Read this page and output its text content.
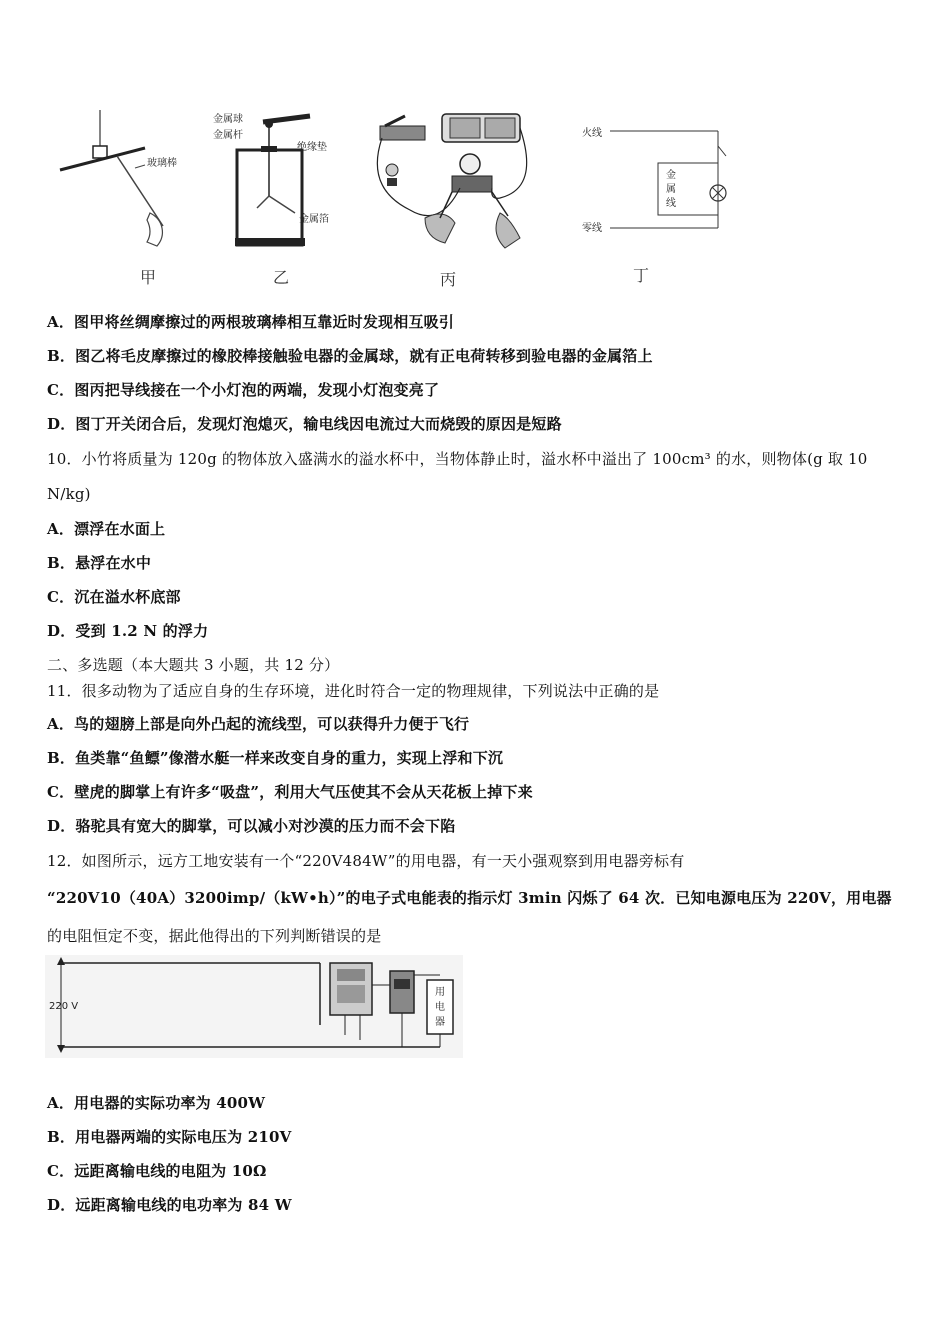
玻璃棒
甲
金属球
金属杆
绝缘垫
金属箔
乙	丙
火线
金
属
线
零线
丁
A．图甲将丝绸摩擦过的两根玻璃棒相互靠近时发现相互吸引
B．图乙将毛皮摩擦过的橡胶棒接触验电器的金属球，就有正电荷转移到验电器的金属箔上
C．图丙把导线接在一个小灯泡的两端，发现小灯泡变亮了
D．图丁开关闭合后，发现灯泡熄灭，输电线因电流过大而烧毁的原因是短路
10．小竹将质量为 120g 的物体放入盛满水的溢水杯中，当物体静止时，溢水杯中溢出了 100cm³ 的水，则物体(g 取 10
N/kg)
A．漂浮在水面上
B．悬浮在水中
C．沉在溢水杯底部
D．受到 1.2 N 的浮力
二、多选题（本大题共 3 小题，共 12 分）
11．很多动物为了适应自身的生存环境，进化时符合一定的物理规律，下列说法中正确的是
A．鸟的翅膀上部是向外凸起的流线型，可以获得升力便于飞行
B．鱼类靠“鱼鳔”像潜水艇一样来改变自身的重力，实现上浮和下沉
C．壁虎的脚掌上有许多“吸盘”，利用大气压使其不会从天花板上掉下来
D．骆驼具有宽大的脚掌，可以减小对沙漠的压力而不会下陷
12．如图所示，远方工地安装有一个“220V484W”的用电器，有一天小强观察到用电器旁标有
“220V10（40A）3200imp/（kW•h）”的电子式电能表的指示灯 3min 闪烁了 64 次．已知电源电压为 220V，用电器
的电阻恒定不变，据此他得出的下列判断错误的是
220 V
用
电
器
A．用电器的实际功率为 400W
B．用电器两端的实际电压为 210V
C．远距离输电线的电阻为 10Ω
D．远距离输电线的电功率为 84 W
